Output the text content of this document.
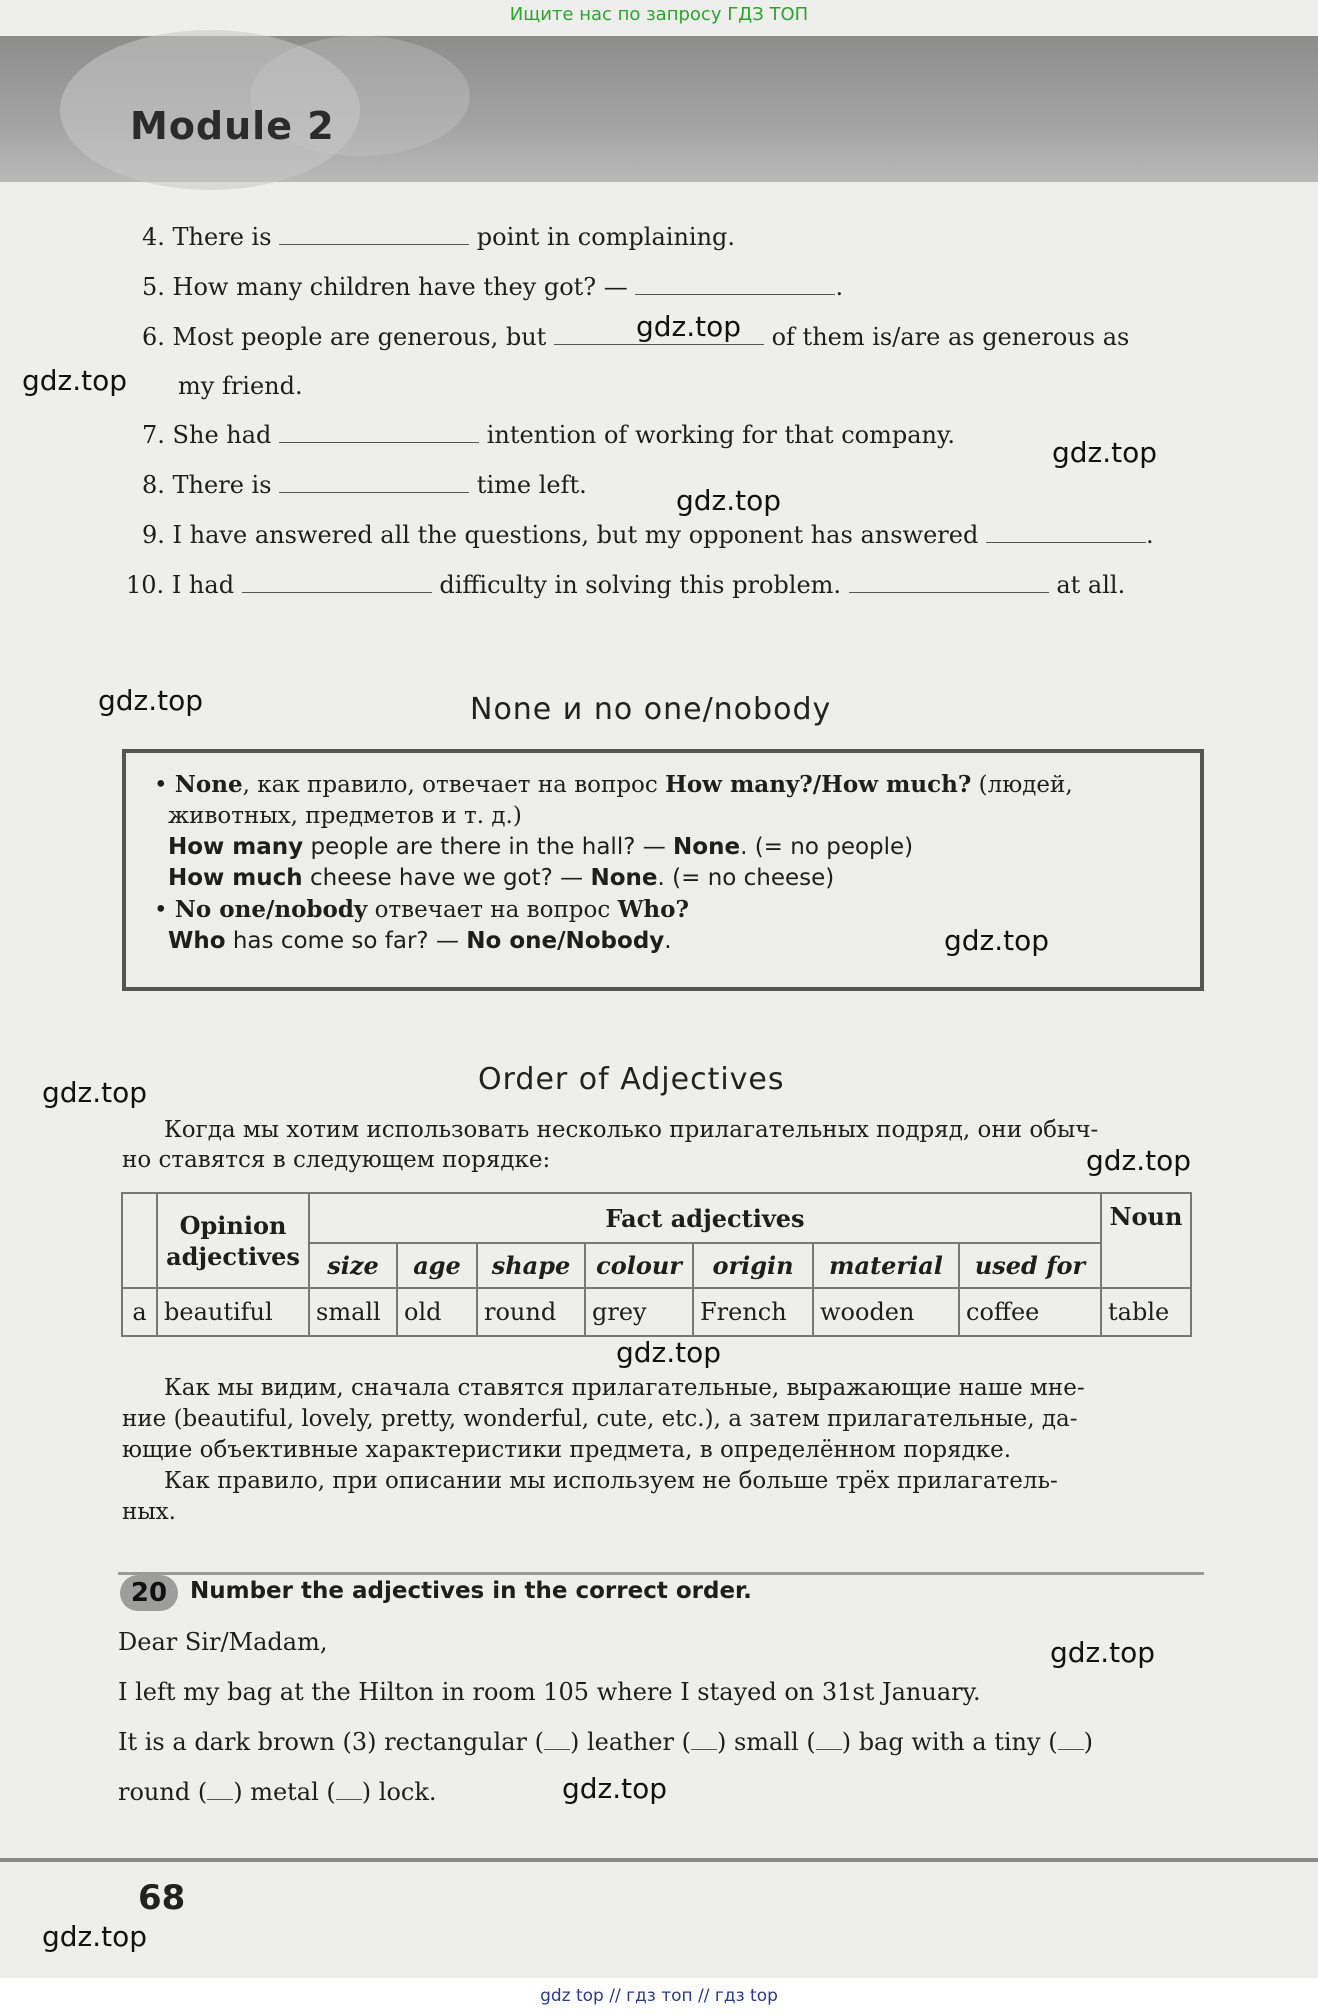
Ищите нас по запросу ГДЗ ТОП
Module 2
4. There is	point in complaining.
5. How many children have they got? —	.
6. Most people are generous, but	of them is/are as generous as
my friend.
7. She had	intention of working for that company.
8. There is	time left.
9. I have answered all the questions, but my opponent has answered	.
10. I had	difficulty in solving this problem.	at all.
None и no one/nobody
• None, как правило, отвечает на вопрос How many?/How much? (людей,
животных, предметов и т. д.)
How many people are there in the hall? — None. (= no people)
How much cheese have we got? — None. (= no cheese)
• No one/nobody отвечает на вопрос Who?
Who has come so far? — No one/Nobody.
Order of Adjectives
Когда мы хотим использовать несколько прилагательных подряд, они обыч-
но ставятся в следующем порядке:

	Opinion
adjectives	Fact adjectives							Noun
		size	age	shape	colour	origin	material	used for	
a	beautiful	small	old	round	grey	French	wooden	coffee	table
Как мы видим, сначала ставятся прилагательные, выражающие наше мне-
ние (beautiful, lovely, pretty, wonderful, cute, etc.), а затем прилагательные, да-
ющие объективные характеристики предмета, в определённом порядке.
Как правило, при описании мы используем не больше трёх прилагатель-
ных.
20 Number the adjectives in the correct order.
Dear Sir/Madam,
I left my bag at the Hilton in room 105 where I stayed on 31st January.
It is a dark brown (3) rectangular ( ) leather ( ) small ( ) bag with a tiny ( )
round ( ) metal ( ) lock.
gdz.top
gdz.top
gdz.top
gdz.top
gdz.top
gdz.top
gdz.top
gdz.top
gdz.top
gdz.top
gdz.top
gdz.top
68
gdz top // гдз топ // гдз top
